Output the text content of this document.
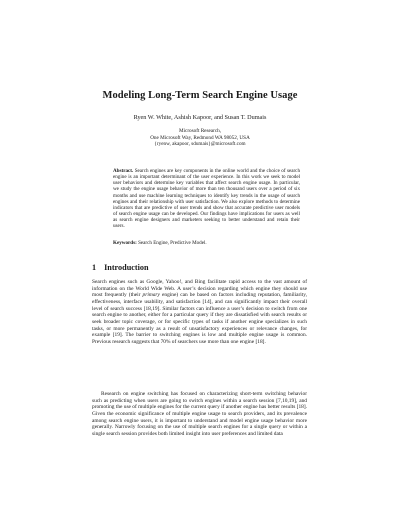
Modeling Long-Term Search Engine Usage
Ryen W. White, Ashish Kapoor, and Susan T. Dumais
Microsoft Research,
One Microsoft Way, Redmond WA 98052, USA
{ryenw, akapoor, sdumais}@microsoft.com
Abstract. Search engines are key components in the online world and the choice of search engine is an important determinant of the user experience. In this work we seek to model user behaviors and determine key variables that affect search engine usage. In particular, we study the engine usage behavior of more than ten thousand users over a period of six months and use machine learning techniques to identify key trends in the usage of search engines and their relationship with user satisfaction. We also explore methods to determine indicators that are predictive of user trends and show that accurate predictive user models of search engine usage can be developed. Our findings have implications for users as well as search engine designers and marketers seeking to better understand and retain their users.
Keywords: Search Engine, Predictive Model.
1 Introduction
Search engines such as Google, Yahoo!, and Bing facilitate rapid access to the vast amount of information on the World Wide Web. A user’s decision regarding which engine they should use most frequently (their primary engine) can be based on factors including reputation, familiarity, effectiveness, interface usability, and satisfaction [14], and can significantly impact their overall level of search success [18,19]. Similar factors can influence a user’s decision to switch from one search engine to another, either for a particular query if they are dissatisfied with search results or seek broader topic coverage, or for specific types of tasks if another engine specializes in such tasks, or more permanently as a result of unsatisfactory experiences or relevance changes, for example [19]. The barrier to switching engines is low and multiple engine usage is common. Previous research suggests that 70% of searchers use more than one engine [18].
Research on engine switching has focused on characterizing short-term switching behavior such as predicting when users are going to switch engines within a search session [7,10,19], and promoting the use of multiple engines for the current query if another engine has better results [18]. Given the economic significance of multiple engine usage to search providers, and its prevalence among search engine users, it is important to understand and model engine usage behavior more generally. Narrowly focusing on the use of multiple search engines for a single query or within a single search session provides both limited insight into user preferences and limited data
